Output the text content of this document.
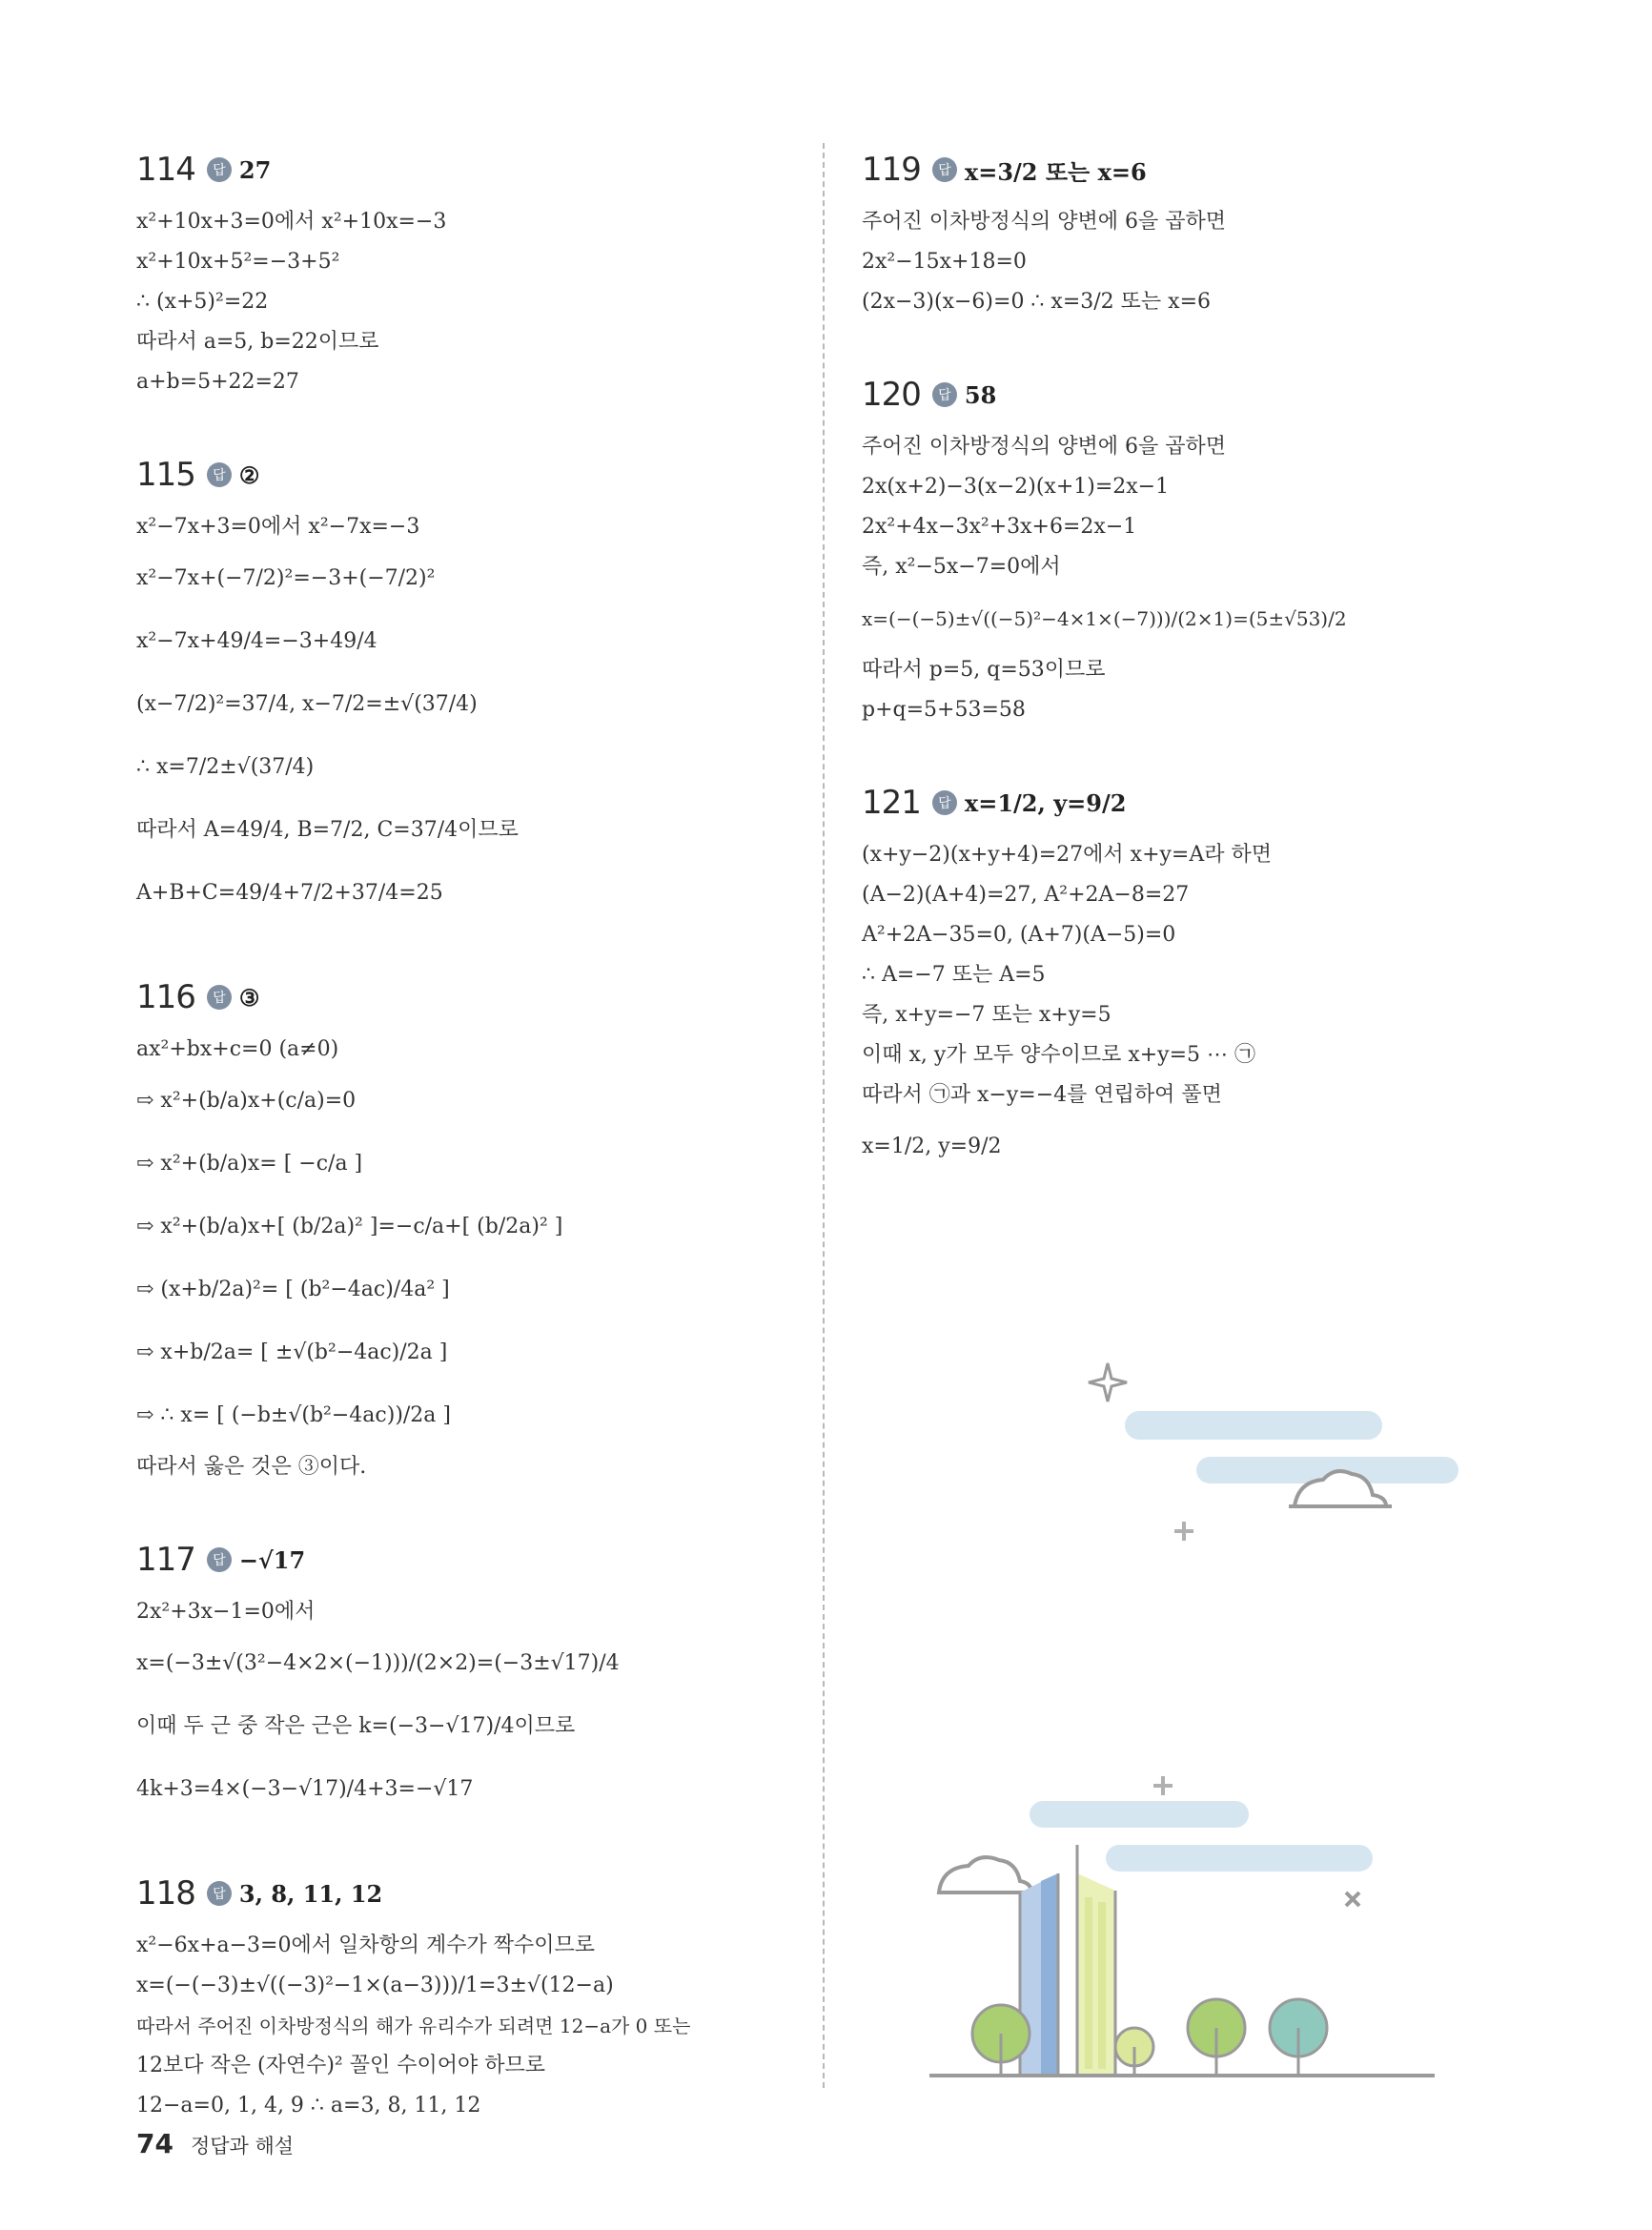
114	답 27
x²+10x+3=0에서 x²+10x=−3
x²+10x+5²=−3+5²
∴ (x+5)²=22
따라서 a=5, b=22이므로
a+b=5+22=27
115	답 ②
x²−7x+3=0에서 x²−7x=−3
x²−7x+(−7/2)²=−3+(−7/2)²
x²−7x+49/4=−3+49/4
(x−7/2)²=37/4, x−7/2=±√(37/4)
∴ x=7/2±√(37/4)
따라서 A=49/4, B=7/2, C=37/4이므로
A+B+C=49/4+7/2+37/4=25
116	답 ③
ax²+bx+c=0 (a≠0)
⇨ x²+(b/a)x+(c/a)=0
⇨ x²+(b/a)x= [ −c/a ]
⇨ x²+(b/a)x+[ (b/2a)² ]=−c/a+[ (b/2a)² ]
⇨ (x+b/2a)²= [ (b²−4ac)/4a² ]
⇨ x+b/2a= [ ±√(b²−4ac)/2a ]
⇨ ∴ x= [ (−b±√(b²−4ac))/2a ]
따라서 옳은 것은 ③이다.
117	답 −√17
2x²+3x−1=0에서
x=(−3±√(3²−4×2×(−1)))/(2×2)=(−3±√17)/4
이때 두 근 중 작은 근은 k=(−3−√17)/4이므로
4k+3=4×(−3−√17)/4+3=−√17
118	답 3, 8, 11, 12
x²−6x+a−3=0에서 일차항의 계수가 짝수이므로
x=(−(−3)±√((−3)²−1×(a−3)))/1=3±√(12−a)
따라서 주어진 이차방정식의 해가 유리수가 되려면 12−a가 0 또는
12보다 작은 (자연수)² 꼴인 수이어야 하므로
12−a=0, 1, 4, 9 ∴ a=3, 8, 11, 12
119	답 x=3/2 또는 x=6
주어진 이차방정식의 양변에 6을 곱하면
2x²−15x+18=0
(2x−3)(x−6)=0 ∴ x=3/2 또는 x=6
120	답 58
주어진 이차방정식의 양변에 6을 곱하면
2x(x+2)−3(x−2)(x+1)=2x−1
2x²+4x−3x²+3x+6=2x−1
즉, x²−5x−7=0에서
x=(−(−5)±√((−5)²−4×1×(−7)))/(2×1)=(5±√53)/2
따라서 p=5, q=53이므로
p+q=5+53=58
121	답 x=1/2, y=9/2
(x+y−2)(x+y+4)=27에서 x+y=A라 하면
(A−2)(A+4)=27, A²+2A−8=27
A²+2A−35=0, (A+7)(A−5)=0
∴ A=−7 또는 A=5
즉, x+y=−7 또는 x+y=5
이때 x, y가 모두 양수이므로 x+y=5 ⋯ ㉠
따라서 ㉠과 x−y=−4를 연립하여 풀면
x=1/2, y=9/2
74 정답과 해설
